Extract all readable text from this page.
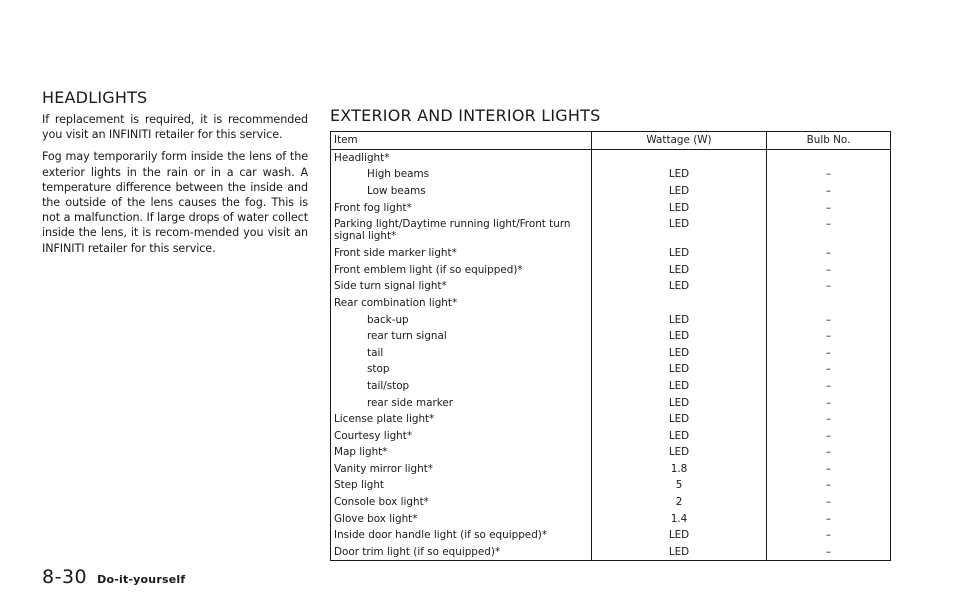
HEADLIGHTS

If replacement is required, it is recommended you visit an INFINITI retailer for this service.

Fog may temporarily form inside the lens of the exterior lights in the rain or in a car wash. A temperature difference between the inside and the outside of the lens causes the fog. This is not a malfunction. If large drops of water collect inside the lens, it is recom-mended you visit an INFINITI retailer for this service.

EXTERIOR AND INTERIOR LIGHTS
Item	Wattage (W)	Bulb No.
Headlight*		
High beams	LED	–
Low beams	LED	–
Front fog light*	LED	–
Parking light/Daytime running light/Front turn signal light*	LED	–
Front side marker light*	LED	–
Front emblem light (if so equipped)*	LED	–
Side turn signal light*	LED	–
Rear combination light*		
back-up	LED	–
rear turn signal	LED	–
tail	LED	–
stop	LED	–
tail/stop	LED	–
rear side marker	LED	–
License plate light*	LED	–
Courtesy light*	LED	–
Map light*	LED	–
Vanity mirror light*	1.8	–
Step light	5	–
Console box light*	2	–
Glove box light*	1.4	–
Inside door handle light (if so equipped)*	LED	–
Door trim light (if so equipped)*	LED	–
8-30 Do-it-yourself
